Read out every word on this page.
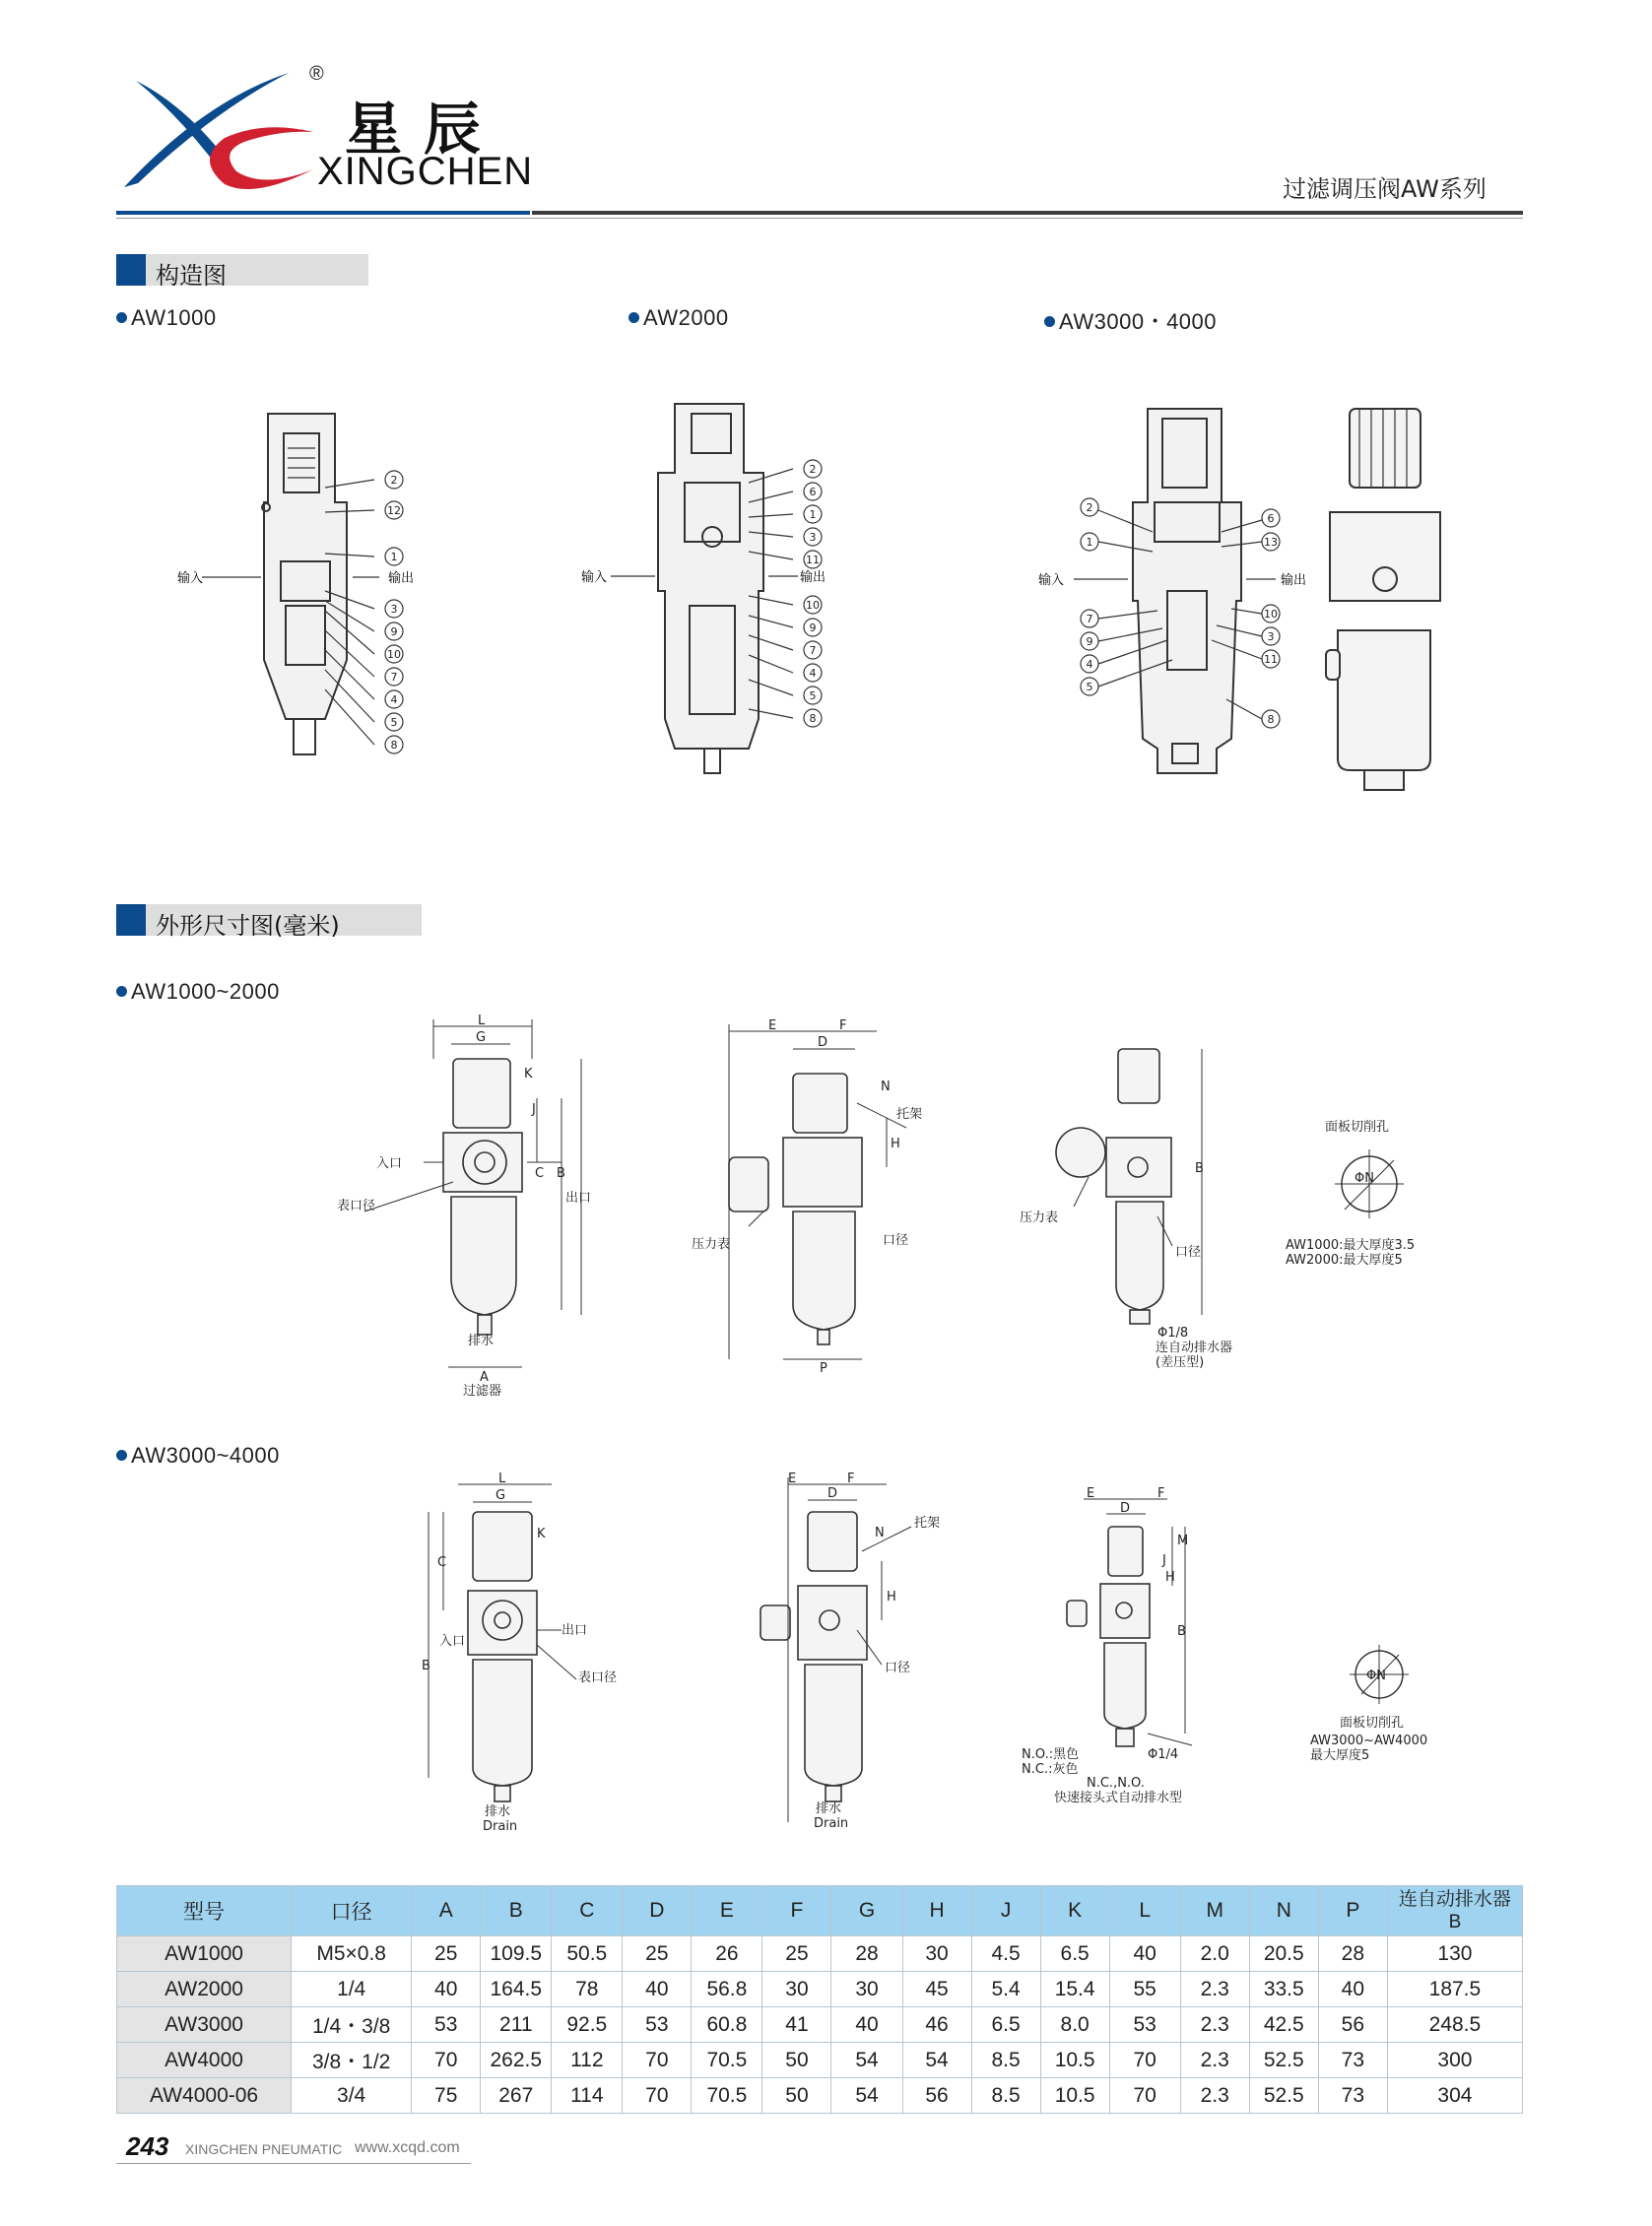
®
星辰
XINGCHEN	过滤调压阀AW系列
构造图
AW1000	AW2000	AW3000・4000
2
12
1
3
9
10
7
4
5
8
输入	输出
2
6
1
3
11
10
9
7
4
5
8
输入	输出
2
1
7
9
4
5
6
13
10
3
11
8
输入	输出
外形尺寸图(毫米)
AW1000~2000
L
G
K
J
C B
A
入口
出口
表口径
排水
过滤器
E	F
D
N
H
P
托架
压力表	口径
B
压力表
口径
Φ1/8
连自动排水器
(差压型)
面板切削孔
ΦN
AW1000:最大厚度3.5
AW2000:最大厚度5
AW3000~4000
L
G
K
C
B
入口
出口
表口径
排水
Drain
E	F
D
N
H
托架
口径
排水
Drain
E	F
D
M
J
H
B
N.O.:黑色
N.C.:灰色
Φ1/4
N.C.,N.O.
快速接头式自动排水型
ΦN
面板切削孔
AW3000~AW4000
最大厚度5
型号	口径	A	B	C	D	E	F	G	H	J	K	L	M	N	P	连自动排水器
B

AW1000	M5×0.8	25	109.5	50.5	25	26	25	28	30	4.5	6.5	40	2.0	20.5	28	130
AW2000	1/4	40	164.5	78	40	56.8	30	30	45	5.4	15.4	55	2.3	33.5	40	187.5
AW3000	1/4・3/8	53	211	92.5	53	60.8	41	40	46	6.5	8.0	53	2.3	42.5	56	248.5
AW4000	3/8・1/2	70	262.5	112	70	70.5	50	54	54	8.5	10.5	70	2.3	52.5	73	300
AW4000-06	3/4	75	267	114	70	70.5	50	54	56	8.5	10.5	70	2.3	52.5	73	304
243 XINGCHEN PNEUMATIC www.xcqd.com
